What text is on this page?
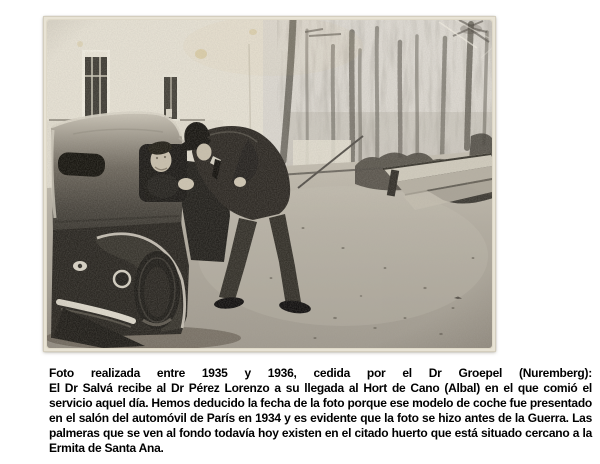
Foto realizada entre 1935 y 1936, cedida por el Dr Groepel (Nuremberg):
El Dr Salvá recibe al Dr Pérez Lorenzo a su llegada al Hort de Cano (Albal) en el que comió el servicio aquel día. Hemos deducido la fecha de la foto porque ese modelo de coche fue presentado en el salón del automóvil de París en 1934 y es evidente que la foto se hizo antes de la Guerra. Las palmeras que se ven al fondo todavía hoy existen en el citado huerto que está situado cercano a la Ermita de Santa Ana.
